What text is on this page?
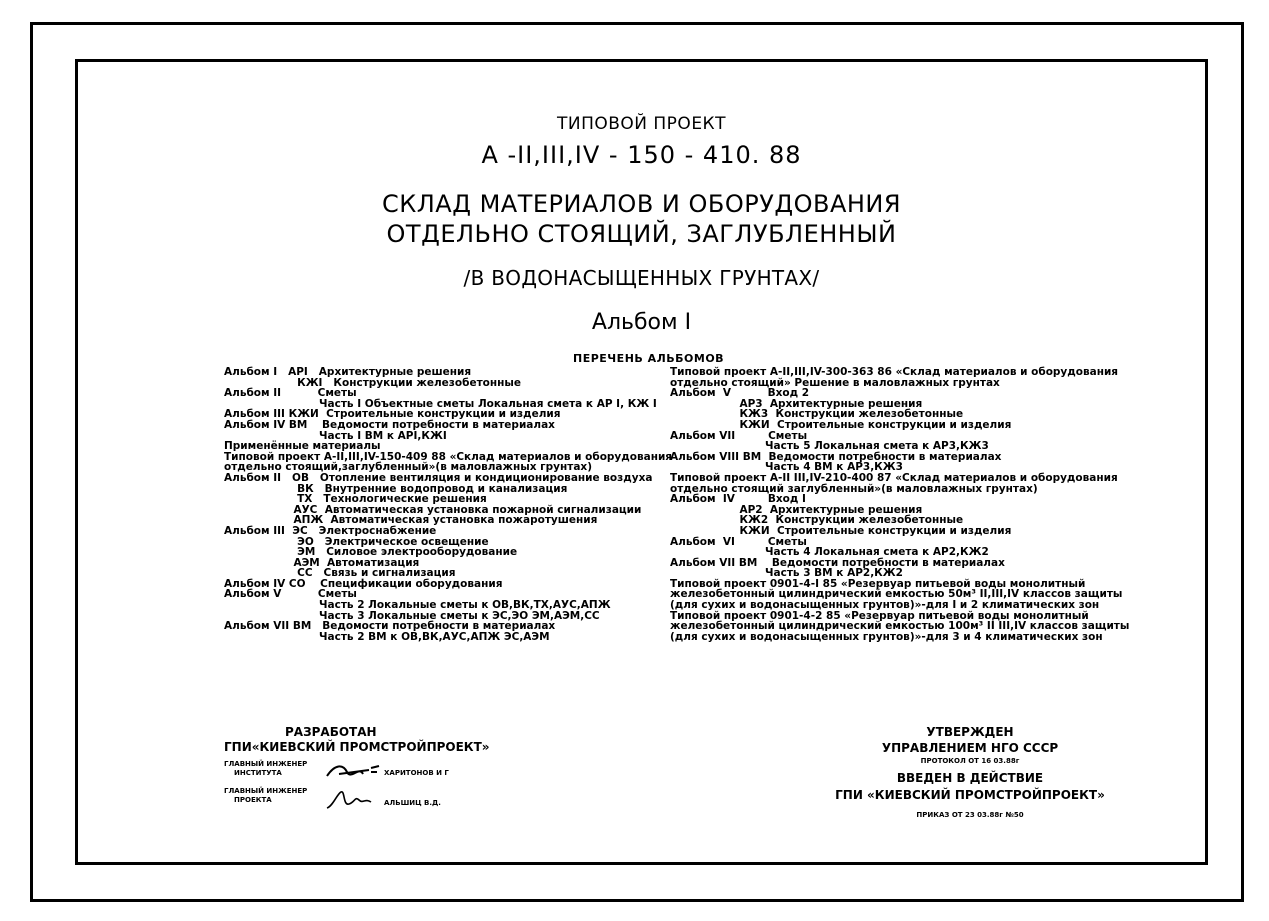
ТИПОВОЙ ПРОЕКТ
А -II,III,IV - 150 - 410. 88
СКЛАД МАТЕРИАЛОВ И ОБОРУДОВАНИЯ
ОТДЕЛЬНО СТОЯЩИЙ, ЗАГЛУБЛЕННЫЙ
/В ВОДОНАСЫЩЕННЫХ ГРУНТАХ/
Альбом I
ПЕРЕЧЕНЬ АЛЬБОМОВ
Альбом I   АРI   Архитектурные решения
КЖI   Конструкции железобетонные
Альбом II          Сметы
Часть I Объектные сметы Локальная смета к АР I, КЖ I
Альбом III КЖИ  Строительные конструкции и изделия
Альбом IV ВМ    Ведомости потребности в материалах
Часть I ВМ к АРI,КЖI
Применённые материалы
Типовой проект А-II,III,IV-150-409 88 «Склад материалов и оборудования
отдельно стоящий,заглубленный»(в маловлажных грунтах)
Альбом II   ОВ   Отопление вентиляция и кондиционирование воздуха
ВК   Внутренние водопровод и канализация
ТХ   Технологические решения
АУС  Автоматическая установка пожарной сигнализации
АПЖ  Автоматическая установка пожаротушения
Альбом III  ЭС   Электроснабжение
ЭО   Электрическое освещение
ЭМ   Силовое электрооборудование
АЭМ  Автоматизация
СС   Связь и сигнализация
Альбом IV СО    Спецификации оборудования
Альбом V          Сметы
Часть 2 Локальные сметы к ОВ,ВК,ТХ,АУС,АПЖ
Часть 3 Локальные сметы к ЭС,ЭО ЭМ,АЭМ,СС
Альбом VII ВМ   Ведомости потребности в материалах
Часть 2 ВМ к ОВ,ВК,АУС,АПЖ ЭС,АЭМ
Типовой проект А-II,III,IV-300-363 86 «Склад материалов и оборудования
отдельно стоящий» Решение в маловлажных грунтах
Альбом  V          Вход 2
АР3  Архитектурные решения
КЖ3  Конструкции железобетонные
КЖИ  Строительные конструкции и изделия
Альбом VII         Сметы
Часть 5 Локальная смета к АР3,КЖ3
Альбом VIII ВМ  Ведомости потребности в материалах
Часть 4 ВМ к АР3,КЖ3
Типовой проект А-II III,IV-210-400 87 «Склад материалов и оборудования
отдельно стоящий заглубленный»(в маловлажных грунтах)
Альбом  IV         Вход I
АР2  Архитектурные решения
КЖ2  Конструкции железобетонные
КЖИ  Строительные конструкции и изделия
Альбом  VI         Сметы
Часть 4 Локальная смета к АР2,КЖ2
Альбом VII ВМ    Ведомости потребности в материалах
Часть 3 ВМ к АР2,КЖ2
Типовой проект 0901-4-I 85 «Резервуар питьевой воды монолитный
железобетонный цилиндрический емкостью 50м³ II,III,IV классов защиты
(для сухих и водонасыщенных грунтов)»-для I и 2 климатических зон
Типовой проект 0901-4-2 85 «Резервуар питьевой воды монолитный
железобетонный цилиндрический емкостью 100м³ II III,IV классов защиты
(для сухих и водонасыщенных грунтов)»-для 3 и 4 климатических зон
РАЗРАБОТАН
ГПИ«КИЕВСКИЙ ПРОМСТРОЙПРОЕКТ»
ГЛАВНЫЙ ИНЖЕНЕР
ИНСТИТУТА	ХАРИТОНОВ И Г
ГЛАВНЫЙ ИНЖЕНЕР
ПРОЕКТА	АЛЬШИЦ В.Д.
УТВЕРЖДЕН
УПРАВЛЕНИЕМ НГО СССР
ПРОТОКОЛ ОТ 16 03.88г
ВВЕДЕН В ДЕЙСТВИЕ
ГПИ «КИЕВСКИЙ ПРОМСТРОЙПРОЕКТ»
ПРИКАЗ ОТ 23 03.88г №50
